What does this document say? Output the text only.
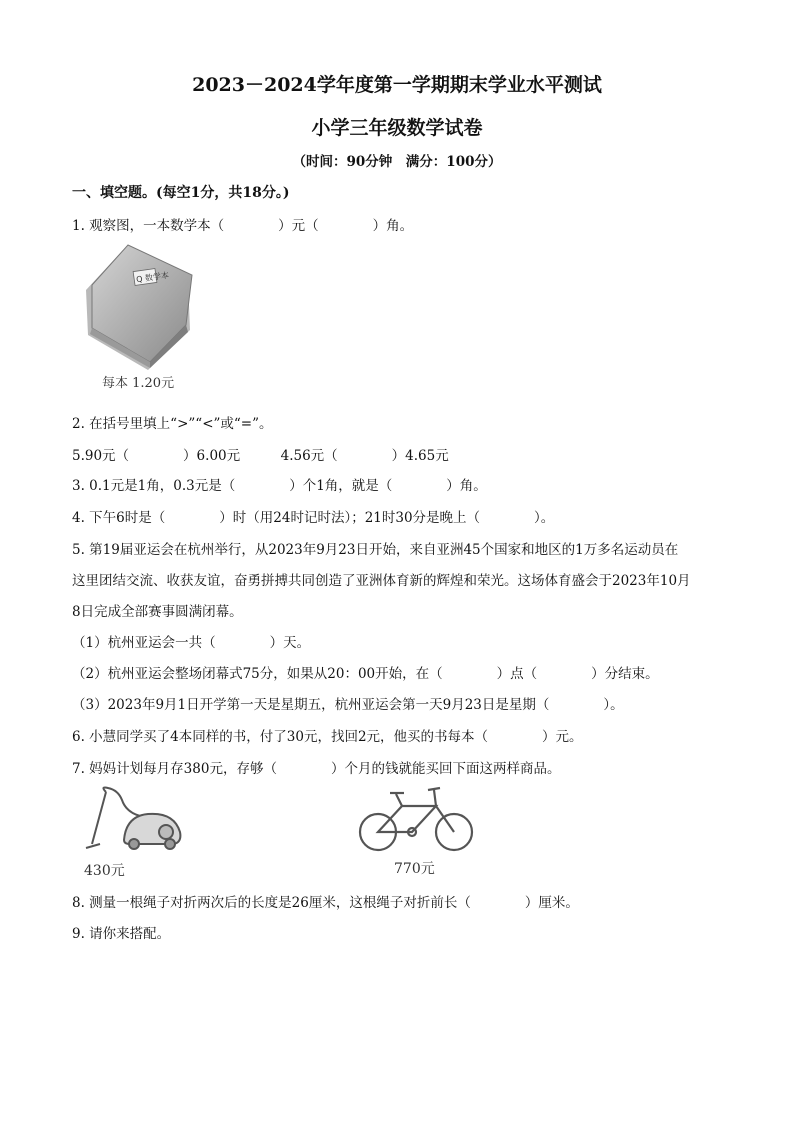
2023－2024学年度第一学期期末学业水平测试
小学三年级数学试卷
（时间：90分钟　满分：100分）
一、填空题。(每空1分，共18分。)
1. 观察图，一本数学本（　　　　）元（　　　　）角。
Q 数学本
每本 1.20元
2. 在括号里填上“>”“<”或“=”。
5.90元（　　　　）6.00元　　　4.56元（　　　　）4.65元
3. 0.1元是1角，0.3元是（　　　　）个1角，就是（　　　　）角。
4. 下午6时是（　　　　）时（用24时记时法）；21时30分是晚上（　　　　）。
5. 第19届亚运会在杭州举行，从2023年9月23日开始，来自亚洲45个国家和地区的1万多名运动员在
这里团结交流、收获友谊，奋勇拼搏共同创造了亚洲体育新的辉煌和荣光。这场体育盛会于2023年10月
8日完成全部赛事圆满闭幕。
（1）杭州亚运会一共（　　　　）天。
（2）杭州亚运会整场闭幕式75分，如果从20：00开始，在（　　　　）点（　　　　）分结束。
（3）2023年9月1日开学第一天是星期五，杭州亚运会第一天9月23日是星期（　　　　）。
6. 小慧同学买了4本同样的书，付了30元，找回2元，他买的书每本（　　　　）元。
7. 妈妈计划每月存380元，存够（　　　　）个月的钱就能买回下面这两样商品。
430元	770元
8. 测量一根绳子对折两次后的长度是26厘米，这根绳子对折前长（　　　　）厘米。
9. 请你来搭配。
